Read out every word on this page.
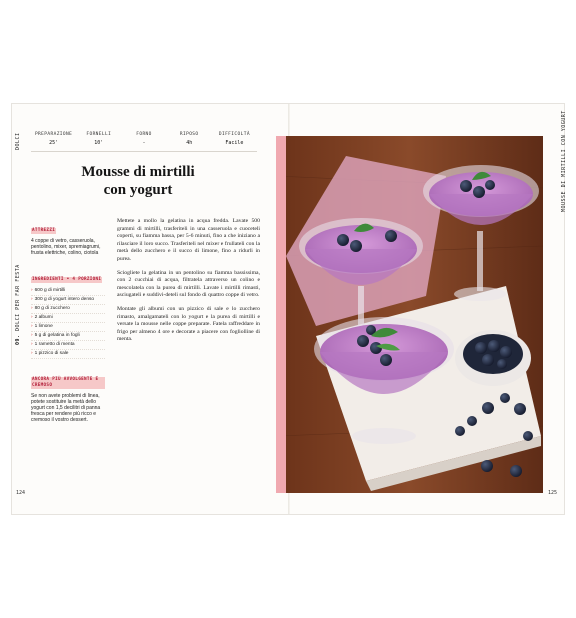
DOLCI
09. DOLCI PER FAR FESTA
MOUSSE DI MIRTILLI CON YOGURT
PREPARAZIONE
25'
FORNELLI
10'
FORNO
-
RIPOSO
4h
DIFFICOLTÀ
Facile
Mousse di mirtilli
con yogurt
ATTREZZI

4 coppe di vetro, casseruola, pentolino, mixer, spremiagrumi, frusta elettriche, colino, ciotola

INGREDIENTI • 4 PORZIONI
› 600 g di mirtilli
› 300 g di yogurt intero denso
› 80 g di zucchero
› 2 albumi
› 1 limone
› 5 g di gelatina in fogli
› 1 rametto di menta
› 1 pizzico di sale
ANCORA PIÙ AVVOLGENTE E CREMOSO

Se non avete problemi di linea, potete sostituire la metà dello yogurt con 1,5 decilitri di panna fresca per rendere più ricco e cremoso il vostro dessert.

Mettete a mollo la gelatina in acqua fredda. Lavate 500 grammi di mirtilli, trasferiteli in una casseruola e cuoceteli coperti, su fiamma bassa, per 5-6 minuti, fino a che iniziano a rilasciare il loro succo. Trasferiteli nel mixer e frullateli con la metà dello zucchero e il succo di limone, fino a ridurli in purea.

Sciogliete la gelatina in un pentolino su fiamma bassissima, con 2 cucchiai di acqua, filtratela attraverso un colino e mescolatela con la purea di mirtilli. Lavate i mirtilli rimasti, asciugateli e suddivi-deteli sul fondo di quattro coppe di vetro.

Montate gli albumi con un pizzico di sale e lo zucchero rimasto, amalgamateli con lo yogurt e la purea di mirtilli e versate la mousse nelle coppe preparate. Fatela raffreddare in frigo per almeno 4 ore e decorate a piacere con fogliolline di menta.

124	125
